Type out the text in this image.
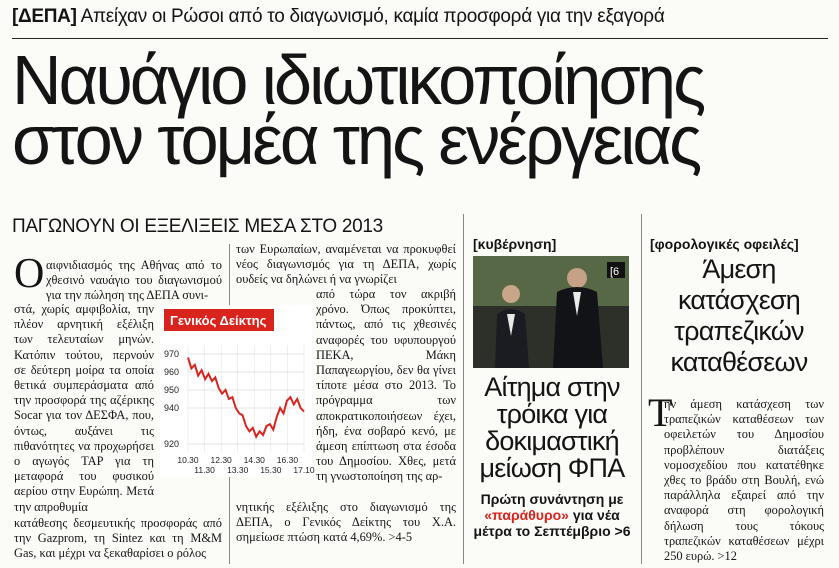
[ΔΕΠΑ] Απείχαν οι Ρώσοι από το διαγωνισμό, καμία προσφορά για την εξαγορά
Ναυάγιο ιδιωτικοποίησης
στον τομέα της ενέργειας
ΠΑΓΩΝΟΥΝ ΟΙ ΕΞΕΛΙΞΕΙΣ ΜΕΣΑ ΣΤΟ 2013
Ο αιφνιδιασμός της Αθήνας από το χθεσινό ναυάγιο του διαγωνισμού για την πώληση της ΔΕΠΑ συνι-
στά, χωρίς αμφιβολία, την πλέον αρνητική εξέλιξη των τελευταίων μηνών. Κατόπιν τούτου, περνούν σε δεύτερη μοίρα τα οποία θετικά συμπεράσματα από την προσφορά της αζέρικης Socar για τον ΔΕΣΦΑ, που, όντως, αυξάνει τις πιθανότητες να προχωρήσει ο αγωγός TAP για τη μεταφορά του φυσικού αερίου στην Ευρώπη. Μετά την απροθυμία
κατάθεσης δεσμευτικής προσφοράς από την Gazprom, τη Sintez και τη M&M Gas, και μέχρι να ξεκαθαρίσει ο ρόλος
των Ευρωπαίων, αναμένεται να προκυφθεί νέος διαγωνισμός για τη ΔΕΠΑ, χωρίς ουδείς να δηλώνει ή να γνωρίζει
από τώρα τον ακριβή χρόνο. Όπως προκύπτει, πάντως, από τις χθεσινές αναφορές του υφυπουργού ΠΕΚΑ, Μάκη Παπαγεωργίου, δεν θα γίνει τίποτε μέσα στο 2013. Το πρόγραμμα των αποκρατικοποιήσεων έχει, ήδη, ένα σοβαρό κενό, με άμεση επίπτωση στα έσοδα του Δημοσίου. Χθες, μετά τη γνωστοποίηση της αρ-
νητικής εξέλιξης στο διαγωνισμό της ΔΕΠΑ, ο Γενικός Δείκτης του Χ.Α. σημείωσε πτώση κατά 4,69%. >4-5
Γενικός Δείκτης
920
940
950
960
970
10.30
11.30
12.30
13.30
14.30
15.30
16.30
17.10
[κυβέρνηση]
[6
Αίτημα στην τρόικα για δοκιμαστική μείωση ΦΠΑ
Πρώτη συνάντηση με «παράθυρο» για νέα μέτρα το Σεπτέμβριο >6
[φορολογικές οφειλές]
Άμεση κατάσχεση τραπεζικών καταθέσεων
Τ
ην άμεση κατάσχεση των τραπεζικών καταθέσεων των οφειλετών του Δημοσίου προβλέπουν διατάξεις νομοσχεδίου που κατατέθηκε χθες το βράδυ στη Βουλή, ενώ παράλληλα εξαιρεί από την αναφορά στη φορολογική δήλωση τους τόκους τραπεζικών καταθέσεων μέχρι 250 ευρώ. >12
